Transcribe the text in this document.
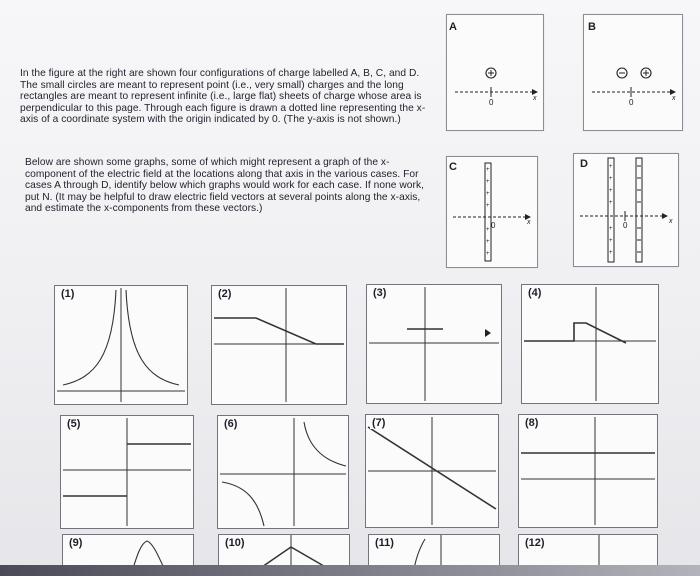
In the figure at the right are shown four configurations of charge labelled A, B, C, and D. The small circles are meant to represent point (i.e., very small) charges and the long rectangles are meant to represent infinite (i.e., large flat) sheets of charge whose area is perpendicular to this page. Through each figure is drawn a dotted line representing the x-axis of a coordinate system with the origin indicated by 0. (The y-axis is not shown.)

Below are shown some graphs, some of which might represent a graph of the x-component of the electric field at the locations along that axis in the various cases. For cases A through D, identify below which graphs would work for each case. If none work, put N. (It may be helpful to draw electric field vectors at several points along the x-axis, and estimate the x-components from these vectors.)

A
0	x
B
0	x
C	+
+
+
+
+
+
+
0	x
D	+
+
+
+
+
+
+
0	x
(1)	(2)	(3)	(4)
(5)	(6)	(7)	(8)
(9)	(10)	(11)	(12)
